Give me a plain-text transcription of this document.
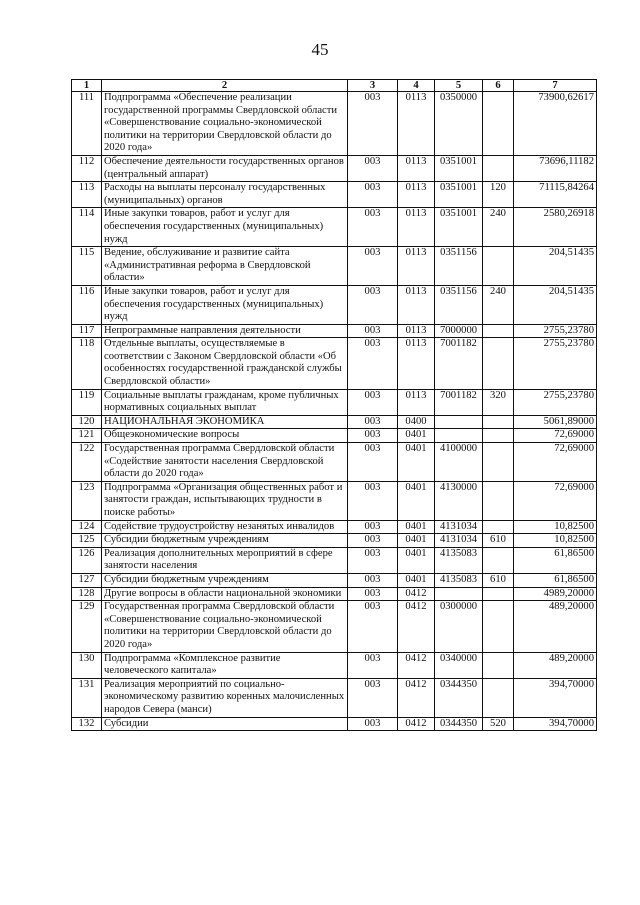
45
1	2	3	4	5	6	7
111	Подпрограмма «Обеспечение реализации государственной программы Свердловской области «Совершенствование социально-экономической политики на территории Свердловской области до 2020 года»	003	0113	0350000		73900,62617
112	Обеспечение деятельности государственных органов (центральный аппарат)	003	0113	0351001		73696,11182
113	Расходы на выплаты персоналу государственных (муниципальных) органов	003	0113	0351001	120	71115,84264
114	Иные закупки товаров, работ и услуг для обеспечения государственных (муниципальных) нужд	003	0113	0351001	240	2580,26918
115	Ведение, обслуживание и развитие сайта «Административная реформа в Свердловской области»	003	0113	0351156		204,51435
116	Иные закупки товаров, работ и услуг для обеспечения государственных (муниципальных) нужд	003	0113	0351156	240	204,51435
117	Непрограммные направления деятельности	003	0113	7000000		2755,23780
118	Отдельные выплаты, осуществляемые в соответствии с Законом Свердловской области «Об особенностях государственной гражданской службы Свердловской области»	003	0113	7001182		2755,23780
119	Социальные выплаты гражданам, кроме публичных нормативных социальных выплат	003	0113	7001182	320	2755,23780
120	НАЦИОНАЛЬНАЯ ЭКОНОМИКА	003	0400			5061,89000
121	Общеэкономические вопросы	003	0401			72,69000
122	Государственная программа Свердловской области «Содействие занятости населения Свердловской области до 2020 года»	003	0401	4100000		72,69000
123	Подпрограмма «Организация общественных работ и занятости граждан, испытывающих трудности в поиске работы»	003	0401	4130000		72,69000
124	Содействие трудоустройству незанятых инвалидов	003	0401	4131034		10,82500
125	Субсидии бюджетным учреждениям	003	0401	4131034	610	10,82500
126	Реализация дополнительных мероприятий в сфере занятости населения	003	0401	4135083		61,86500
127	Субсидии бюджетным учреждениям	003	0401	4135083	610	61,86500
128	Другие вопросы в области национальной экономики	003	0412			4989,20000
129	Государственная программа Свердловской области «Совершенствование социально-экономической политики на территории Свердловской области до 2020 года»	003	0412	0300000		489,20000
130	Подпрограмма «Комплексное развитие человеческого капитала»	003	0412	0340000		489,20000
131	Реализация мероприятий по социально-экономическому развитию коренных малочисленных народов Севера (манси)	003	0412	0344350		394,70000
132	Субсидии	003	0412	0344350	520	394,70000
